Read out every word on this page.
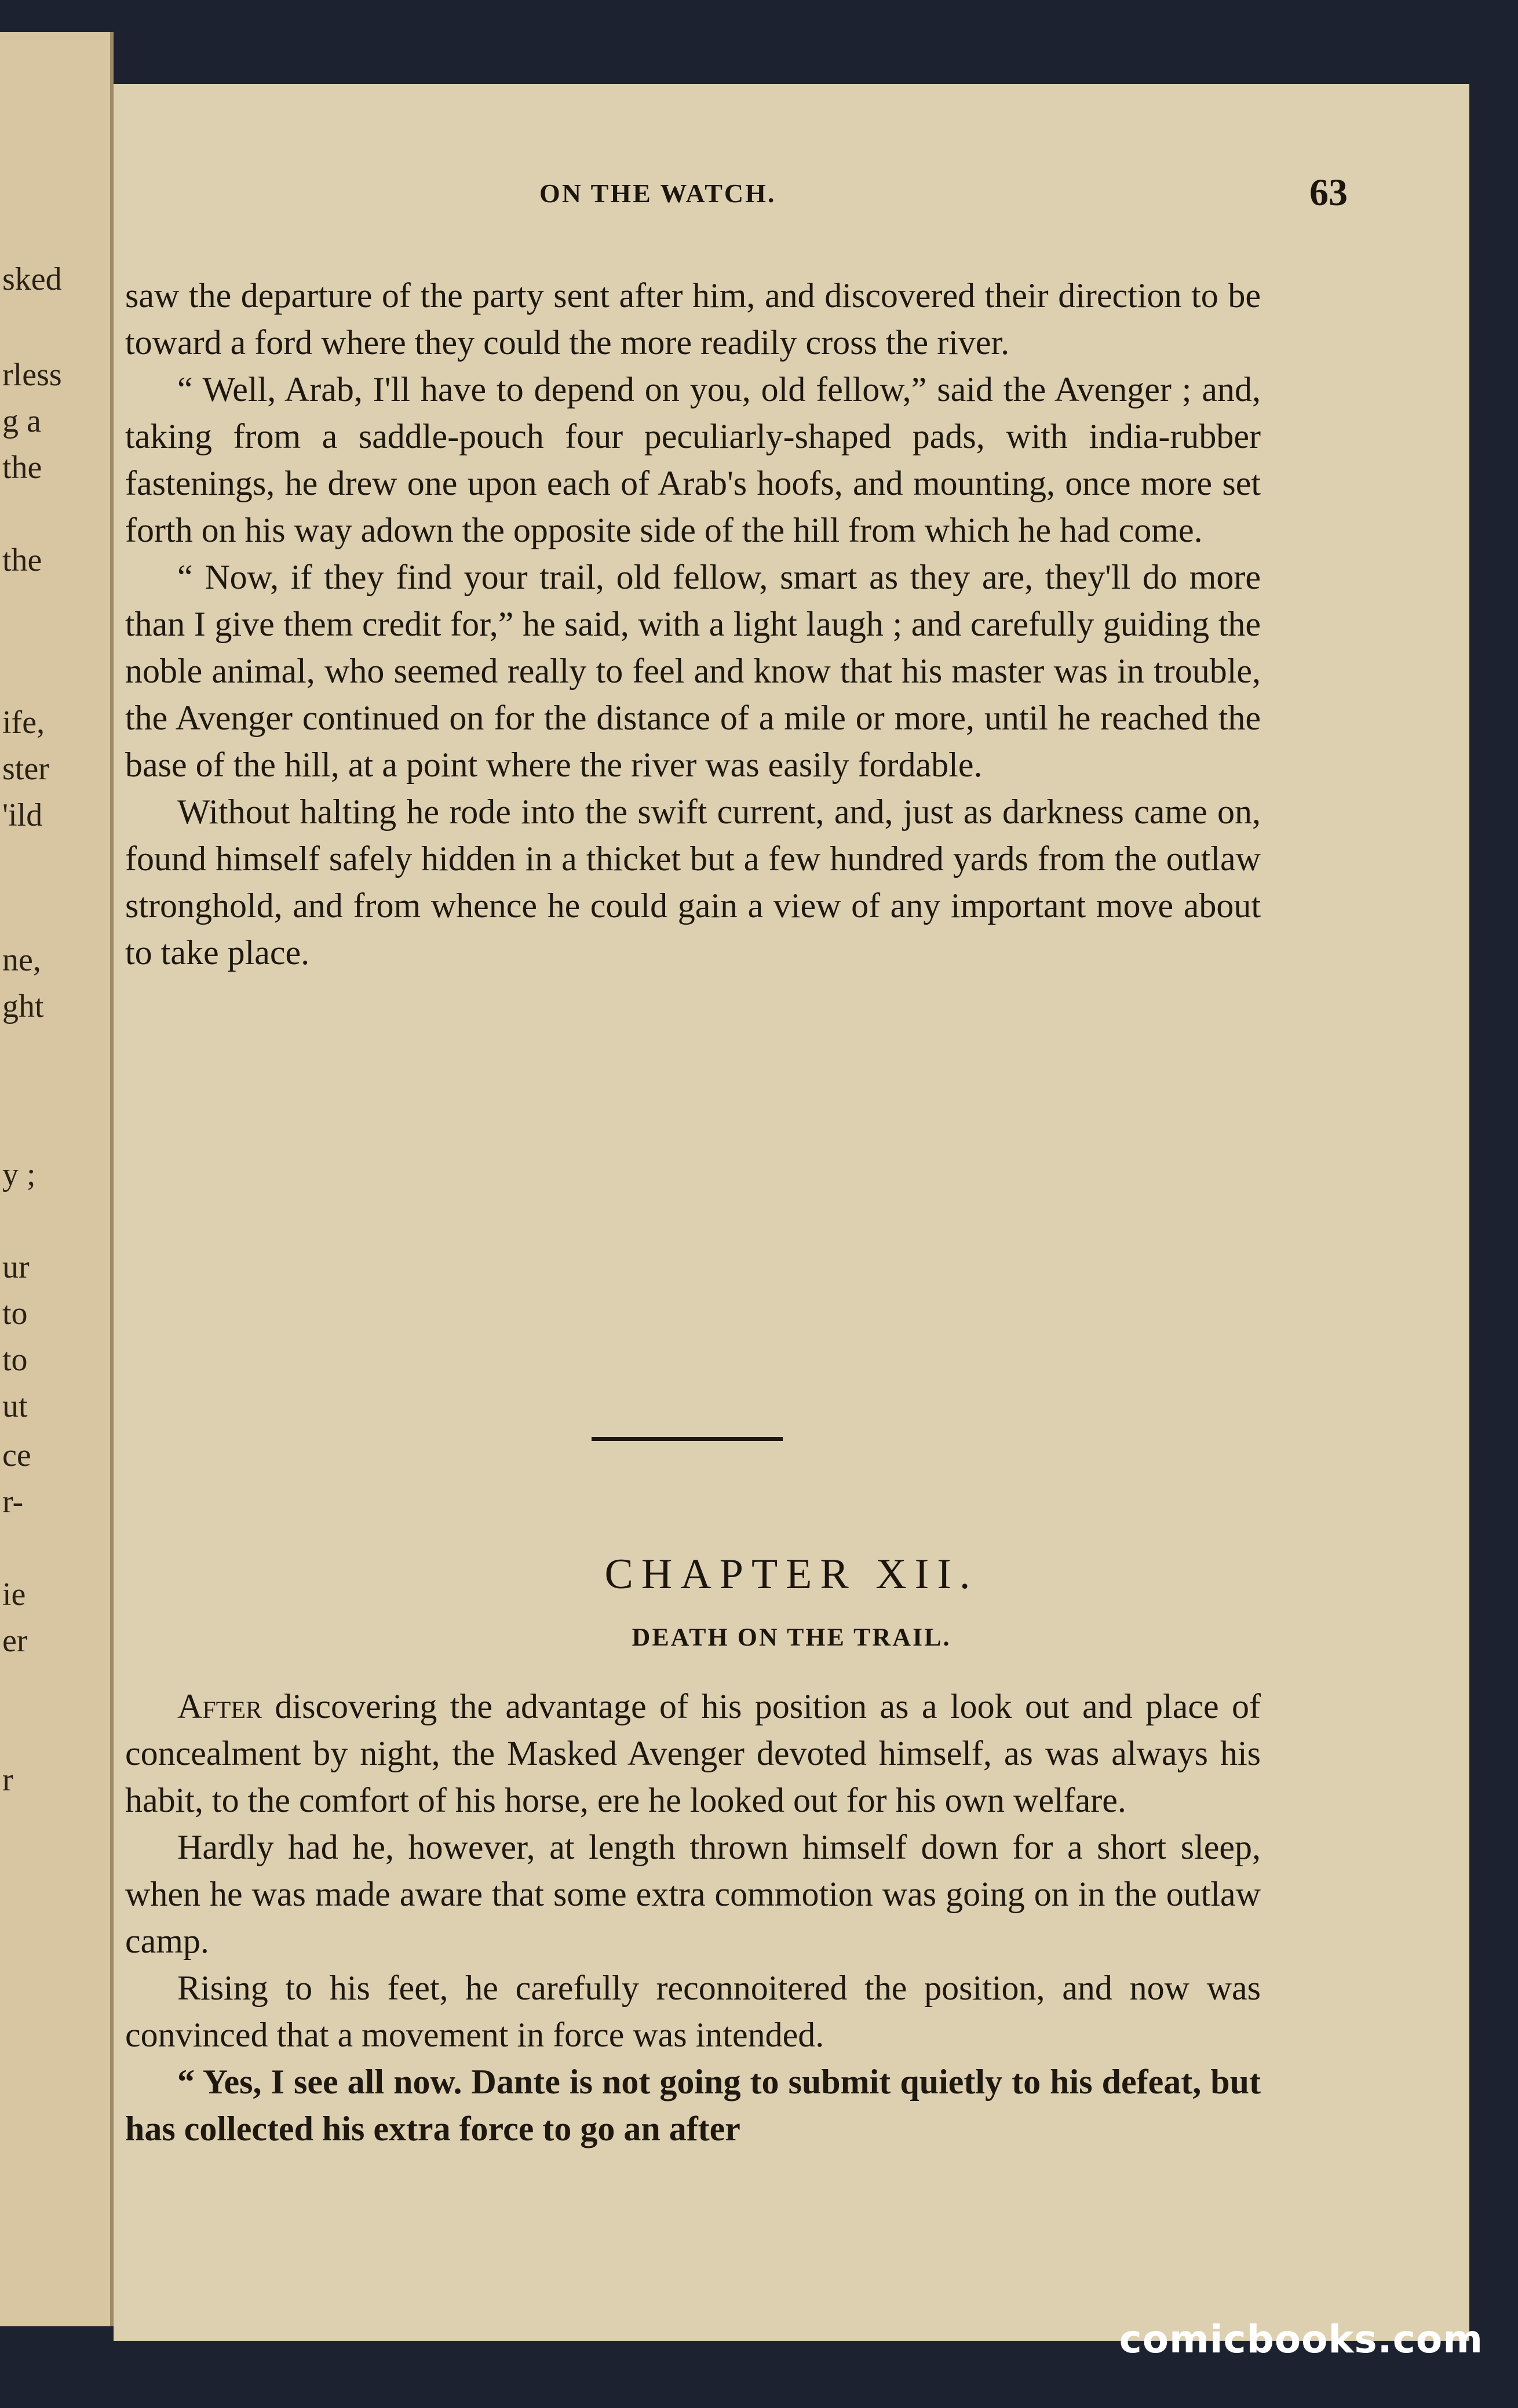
sked
rless
g a
the
the
ife,
ster
'ild
ne,
ght
y ;
ur
to
to
ut
ce
r-
ie
er
r
ON THE WATCH.	63

saw the departure of the party sent after him, and discovered their direction to be toward a ford where they could the more readily cross the river.

“ Well, Arab, I'll have to depend on you, old fellow,” said the Avenger ; and, taking from a saddle-pouch four peculiarly-shaped pads, with india-rubber fastenings, he drew one upon each of Arab's hoofs, and mounting, once more set forth on his way adown the opposite side of the hill from which he had come.

“ Now, if they find your trail, old fellow, smart as they are, they'll do more than I give them credit for,” he said, with a light laugh ; and carefully guiding the noble animal, who seemed really to feel and know that his master was in trouble, the Avenger continued on for the distance of a mile or more, until he reached the base of the hill, at a point where the river was easily fordable.

Without halting he rode into the swift current, and, just as darkness came on, found himself safely hidden in a thicket but a few hundred yards from the outlaw stronghold, and from whence he could gain a view of any important move about to take place.

CHAPTER XII.
DEATH ON THE TRAIL.

After discovering the advantage of his position as a look out and place of concealment by night, the Masked Avenger devoted himself, as was always his habit, to the comfort of his horse, ere he looked out for his own welfare.

Hardly had he, however, at length thrown himself down for a short sleep, when he was made aware that some extra commotion was going on in the outlaw camp.

Rising to his feet, he carefully reconnoitered the position, and now was convinced that a movement in force was intended.

“ Yes, I see all now. Dante is not going to submit quietly to his defeat, but has collected his extra force to go an after

comicbooks.com
